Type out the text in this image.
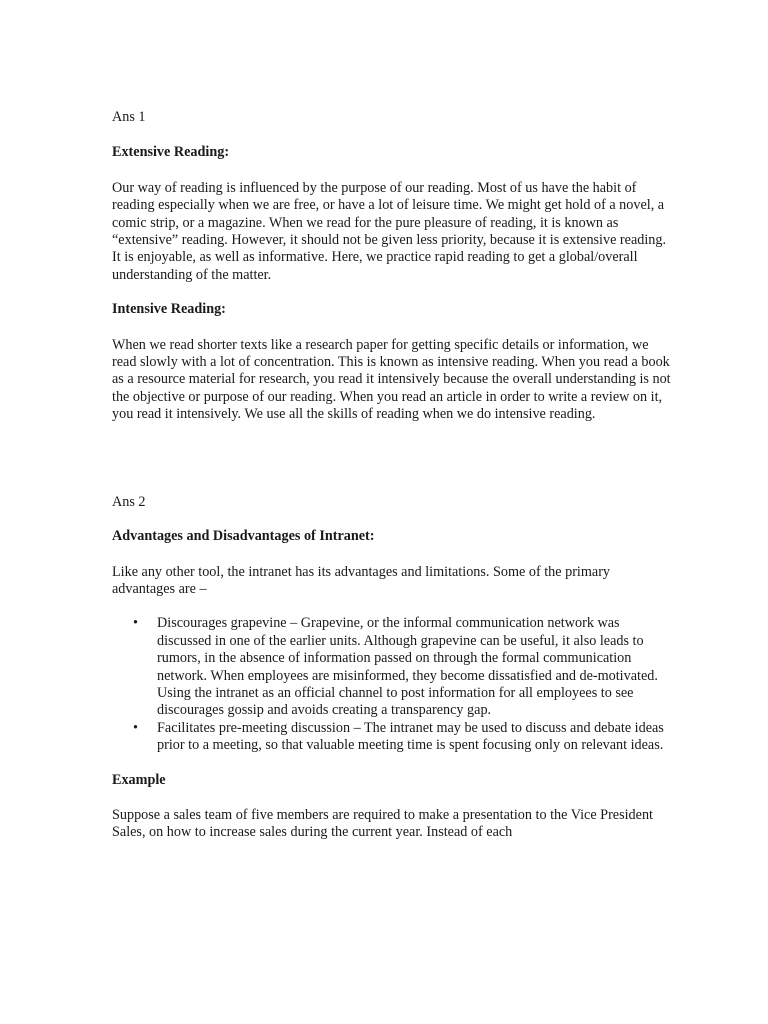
Ans 1

Extensive Reading:

Our way of reading is influenced by the purpose of our reading. Most of us have the habit of reading especially when we are free, or have a lot of leisure time. We might get hold of a novel, a comic strip, or a magazine. When we read for the pure pleasure of reading, it is known as “extensive” reading. However, it should not be given less priority, because it is extensive reading. It is enjoyable, as well as informative. Here, we practice rapid reading to get a global/overall understanding of the matter.

Intensive Reading:

When we read shorter texts like a research paper for getting specific details or information, we read slowly with a lot of concentration. This is known as intensive reading. When you read a book as a resource material for research, you read it intensively because the overall understanding is not the objective or purpose of our reading. When you read an article in order to write a review on it, you read it intensively. We use all the skills of reading when we do intensive reading.

Ans 2

Advantages and Disadvantages of Intranet:

Like any other tool, the intranet has its advantages and limitations. Some of the primary advantages are –

• Discourages grapevine – Grapevine, or the informal communication network was discussed in one of the earlier units. Although grapevine can be useful, it also leads to rumors, in the absence of information passed on through the formal communication network. When employees are misinformed, they become dissatisfied and de-motivated. Using the intranet as an official channel to post information for all employees to see discourages gossip and avoids creating a transparency gap.
• Facilitates pre-meeting discussion – The intranet may be used to discuss and debate ideas prior to a meeting, so that valuable meeting time is spent focusing only on relevant ideas.

Example

Suppose a sales team of five members are required to make a presentation to the Vice President Sales, on how to increase sales during the current year. Instead of each
